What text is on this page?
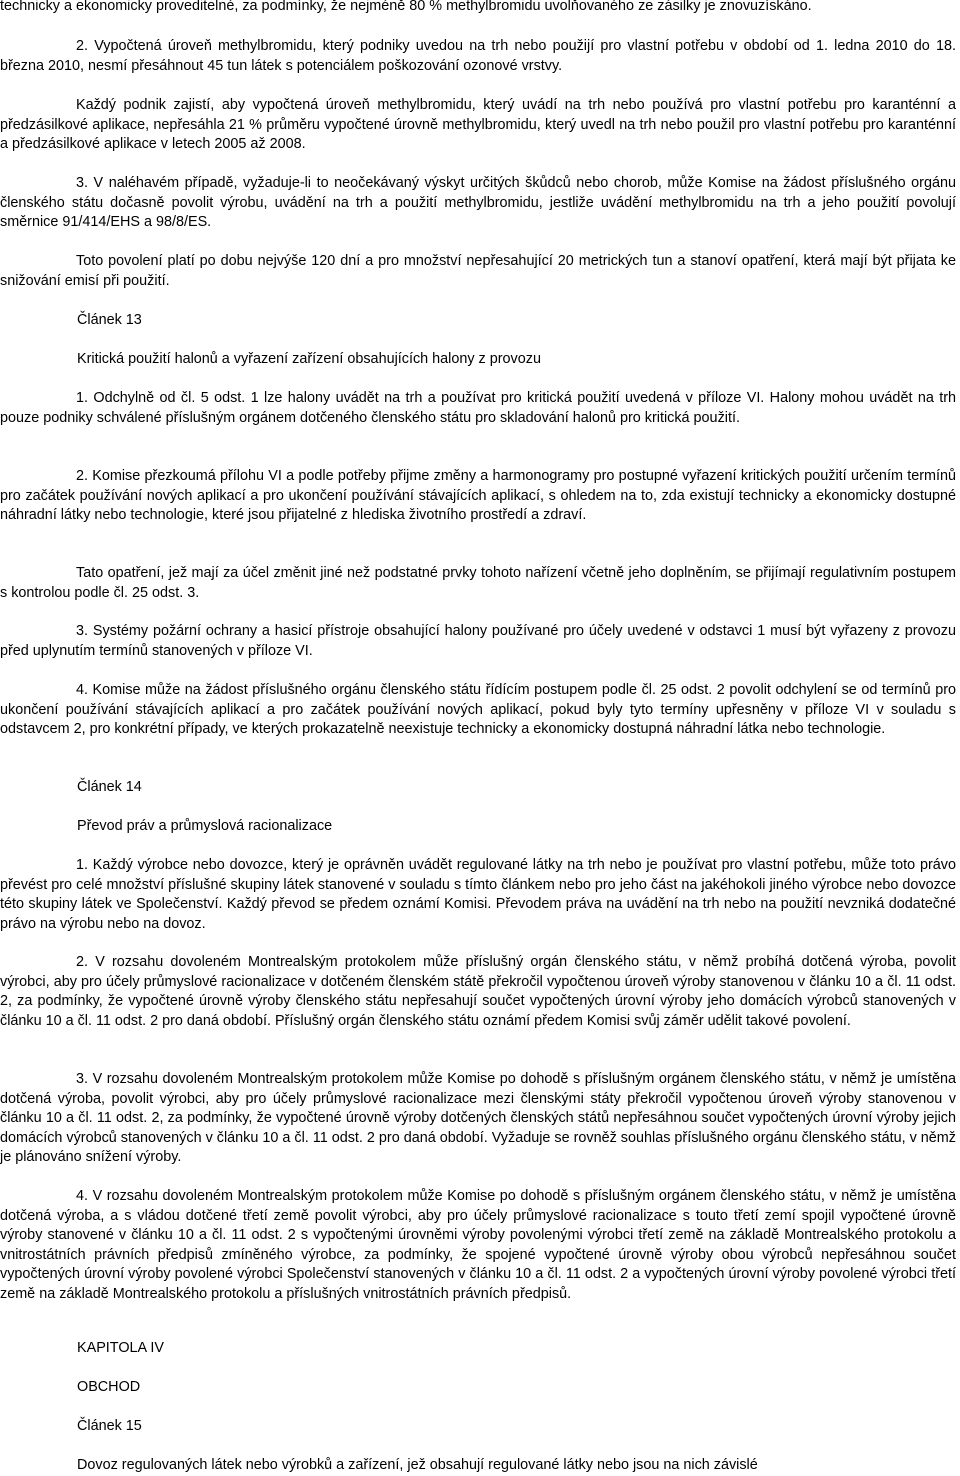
technicky a ekonomicky proveditelné, za podmínky, že nejméně 80 % methylbromidu uvolňovaného ze zásilky je znovuzískáno.

2. Vypočtená úroveň methylbromidu, který podniky uvedou na trh nebo použijí pro vlastní potřebu v období od 1. ledna 2010 do 18. března 2010, nesmí přesáhnout 45 tun látek s potenciálem poškozování ozonové vrstvy.

Každý podnik zajistí, aby vypočtená úroveň methylbromidu, který uvádí na trh nebo používá pro vlastní potřebu pro karanténní a předzásilkové aplikace, nepřesáhla 21 % průměru vypočtené úrovně methylbromidu, který uvedl na trh nebo použil pro vlastní potřebu pro karanténní a předzásilkové aplikace v letech 2005 až 2008.

3. V naléhavém případě, vyžaduje-li to neočekávaný výskyt určitých škůdců nebo chorob, může Komise na žádost příslušného orgánu členského státu dočasně povolit výrobu, uvádění na trh a použití methylbromidu, jestliže uvádění methylbromidu na trh a jeho použití povolují směrnice 91/414/EHS a 98/8/ES.

Toto povolení platí po dobu nejvýše 120 dní a pro množství nepřesahující 20 metrických tun a stanoví opatření, která mají být přijata ke snižování emisí při použití.

Článek 13

Kritická použití halonů a vyřazení zařízení obsahujících halony z provozu

1. Odchylně od čl. 5 odst. 1 lze halony uvádět na trh a používat pro kritická použití uvedená v příloze VI. Halony mohou uvádět na trh pouze podniky schválené příslušným orgánem dotčeného členského státu pro skladování halonů pro kritická použití.

2. Komise přezkoumá přílohu VI a podle potřeby přijme změny a harmonogramy pro postupné vyřazení kritických použití určením termínů pro začátek používání nových aplikací a pro ukončení používání stávajících aplikací, s ohledem na to, zda existují technicky a ekonomicky dostupné náhradní látky nebo technologie, které jsou přijatelné z hlediska životního prostředí a zdraví.

Tato opatření, jež mají za účel změnit jiné než podstatné prvky tohoto nařízení včetně jeho doplněním, se přijímají regulativním postupem s kontrolou podle čl. 25 odst. 3.

3. Systémy požární ochrany a hasicí přístroje obsahující halony používané pro účely uvedené v odstavci 1 musí být vyřazeny z provozu před uplynutím termínů stanovených v příloze VI.

4. Komise může na žádost příslušného orgánu členského státu řídícím postupem podle čl. 25 odst. 2 povolit odchylení se od termínů pro ukončení používání stávajících aplikací a pro začátek používání nových aplikací, pokud byly tyto termíny upřesněny v příloze VI v souladu s odstavcem 2, pro konkrétní případy, ve kterých prokazatelně neexistuje technicky a ekonomicky dostupná náhradní látka nebo technologie.

Článek 14

Převod práv a průmyslová racionalizace

1. Každý výrobce nebo dovozce, který je oprávněn uvádět regulované látky na trh nebo je používat pro vlastní potřebu, může toto právo převést pro celé množství příslušné skupiny látek stanovené v souladu s tímto článkem nebo pro jeho část na jakéhokoli jiného výrobce nebo dovozce této skupiny látek ve Společenství. Každý převod se předem oznámí Komisi. Převodem práva na uvádění na trh nebo na použití nevzniká dodatečné právo na výrobu nebo na dovoz.

2. V rozsahu dovoleném Montrealským protokolem může příslušný orgán členského státu, v němž probíhá dotčená výroba, povolit výrobci, aby pro účely průmyslové racionalizace v dotčeném členském státě překročil vypočtenou úroveň výroby stanovenou v článku 10 a čl. 11 odst. 2, za podmínky, že vypočtené úrovně výroby členského státu nepřesahují součet vypočtených úrovní výroby jeho domácích výrobců stanovených v článku 10 a čl. 11 odst. 2 pro daná období. Příslušný orgán členského státu oznámí předem Komisi svůj záměr udělit takové povolení.

3. V rozsahu dovoleném Montrealským protokolem může Komise po dohodě s příslušným orgánem členského státu, v němž je umístěna dotčená výroba, povolit výrobci, aby pro účely průmyslové racionalizace mezi členskými státy překročil vypočtenou úroveň výroby stanovenou v článku 10 a čl. 11 odst. 2, za podmínky, že vypočtené úrovně výroby dotčených členských států nepřesáhnou součet vypočtených úrovní výroby jejich domácích výrobců stanovených v článku 10 a čl. 11 odst. 2 pro daná období. Vyžaduje se rovněž souhlas příslušného orgánu členského státu, v němž je plánováno snížení výroby.

4. V rozsahu dovoleném Montrealským protokolem může Komise po dohodě s příslušným orgánem členského státu, v němž je umístěna dotčená výroba, a s vládou dotčené třetí země povolit výrobci, aby pro účely průmyslové racionalizace s touto třetí zemí spojil vypočtené úrovně výroby stanovené v článku 10 a čl. 11 odst. 2 s vypočtenými úrovněmi výroby povolenými výrobci třetí země na základě Montrealského protokolu a vnitrostátních právních předpisů zmíněného výrobce, za podmínky, že spojené vypočtené úrovně výroby obou výrobců nepřesáhnou součet vypočtených úrovní výroby povolené výrobci Společenství stanovených v článku 10 a čl. 11 odst. 2 a vypočtených úrovní výroby povolené výrobci třetí země na základě Montrealského protokolu a příslušných vnitrostátních právních předpisů.

KAPITOLA IV

OBCHOD

Článek 15

Dovoz regulovaných látek nebo výrobků a zařízení, jež obsahují regulované látky nebo jsou na nich závislé
